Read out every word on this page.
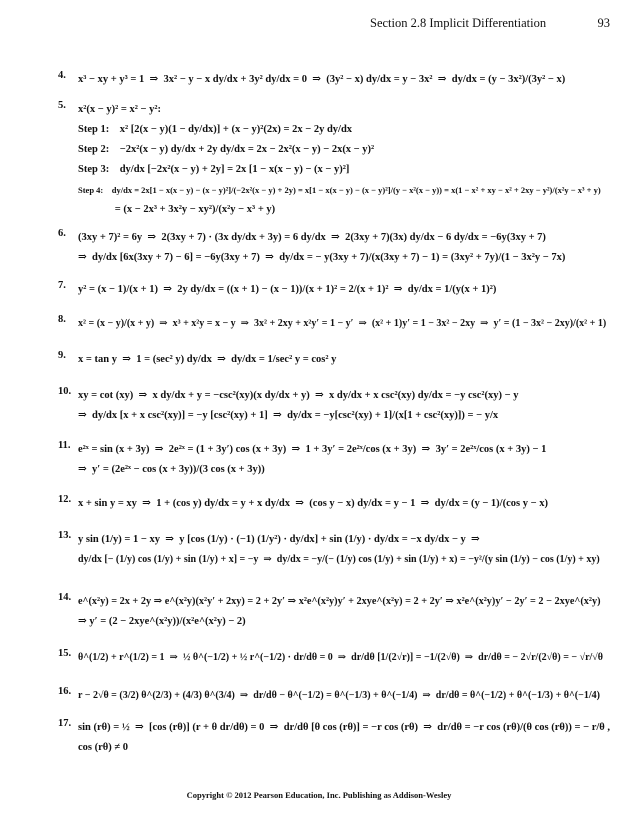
Section 2.8 Implicit Differentiation	93
4. x³ − xy + y³ = 1  ⇒  3x² − y − x dy/dx + 3y² dy/dx = 0  ⇒  (3y² − x) dy/dx = y − 3x²  ⇒  dy/dx = (y − 3x²)/(3y² − x)
5. x²(x − y)² = x² − y²:
Step 1:    x² [2(x − y)(1 − dy/dx)] + (x − y)²(2x) = 2x − 2y dy/dx
Step 2:    −2x²(x − y) dy/dx + 2y dy/dx = 2x − 2x²(x − y) − 2x(x − y)²
Step 3:    dy/dx [−2x²(x − y) + 2y] = 2x [1 − x(x − y) − (x − y)²]
Step 4:    dy/dx = 2x[1 − x(x − y) − (x − y)²]/(−2x²(x − y) + 2y) = x[1 − x(x − y) − (x − y)²]/(y − x²(x − y)) = x(1 − x² + xy − x² + 2xy − y²)/(x²y − x³ + y)
= (x − 2x³ + 3x²y − xy²)/(x²y − x³ + y)
6. (3xy + 7)² = 6y  ⇒  2(3xy + 7) · (3x dy/dx + 3y) = 6 dy/dx  ⇒  2(3xy + 7)(3x) dy/dx − 6 dy/dx = −6y(3xy + 7)
⇒  dy/dx [6x(3xy + 7) − 6] = −6y(3xy + 7)  ⇒  dy/dx = − y(3xy + 7)/(x(3xy + 7) − 1) = (3xy² + 7y)/(1 − 3x²y − 7x)
7. y² = (x − 1)/(x + 1)  ⇒  2y dy/dx = ((x + 1) − (x − 1))/(x + 1)² = 2/(x + 1)²  ⇒  dy/dx = 1/(y(x + 1)²)
8. x² = (x − y)/(x + y)  ⇒  x³ + x²y = x − y  ⇒  3x² + 2xy + x²y′ = 1 − y′  ⇒  (x² + 1)y′ = 1 − 3x² − 2xy  ⇒  y′ = (1 − 3x² − 2xy)/(x² + 1)
9. x = tan y  ⇒  1 = (sec² y) dy/dx  ⇒  dy/dx = 1/sec² y = cos² y
10. xy = cot (xy)  ⇒  x dy/dx + y = −csc²(xy)(x dy/dx + y)  ⇒  x dy/dx + x csc²(xy) dy/dx = −y csc²(xy) − y
⇒  dy/dx [x + x csc²(xy)] = −y [csc²(xy) + 1]  ⇒  dy/dx = −y[csc²(xy) + 1]/(x[1 + csc²(xy)]) = − y/x
11. e²ˣ = sin (x + 3y)  ⇒  2e²ˣ = (1 + 3y′) cos (x + 3y)  ⇒  1 + 3y′ = 2e²ˣ/cos (x + 3y)  ⇒  3y′ = 2e²ˣ/cos (x + 3y) − 1
⇒  y′ = (2e²ˣ − cos (x + 3y))/(3 cos (x + 3y))
12. x + sin y = xy  ⇒  1 + (cos y) dy/dx = y + x dy/dx  ⇒  (cos y − x) dy/dx = y − 1  ⇒  dy/dx = (y − 1)/(cos y − x)
13. y sin (1/y) = 1 − xy  ⇒  y [cos (1/y) · (−1) (1/y²) · dy/dx] + sin (1/y) · dy/dx = −x dy/dx − y  ⇒
dy/dx [− (1/y) cos (1/y) + sin (1/y) + x] = −y  ⇒  dy/dx = −y/(− (1/y) cos (1/y) + sin (1/y) + x) = −y²/(y sin (1/y) − cos (1/y) + xy)
14. e^(x²y) = 2x + 2y ⇒ e^(x²y)(x²y′ + 2xy) = 2 + 2y′ ⇒ x²e^(x²y)y′ + 2xye^(x²y) = 2 + 2y′ ⇒ x²e^(x²y)y′ − 2y′ = 2 − 2xye^(x²y)
⇒ y′ = (2 − 2xye^(x²y))/(x²e^(x²y) − 2)
15. θ^(1/2) + r^(1/2) = 1  ⇒  ½ θ^(−1/2) + ½ r^(−1/2) · dr/dθ = 0  ⇒  dr/dθ [1/(2√r)] = −1/(2√θ)  ⇒  dr/dθ = − 2√r/(2√θ) = − √r/√θ
16. r − 2√θ = (3/2) θ^(2/3) + (4/3) θ^(3/4)  ⇒  dr/dθ − θ^(−1/2) = θ^(−1/3) + θ^(−1/4)  ⇒  dr/dθ = θ^(−1/2) + θ^(−1/3) + θ^(−1/4)
17. sin (rθ) = ½  ⇒  [cos (rθ)] (r + θ dr/dθ) = 0  ⇒  dr/dθ [θ cos (rθ)] = −r cos (rθ)  ⇒  dr/dθ = −r cos (rθ)/(θ cos (rθ)) = − r/θ ,
cos (rθ) ≠ 0
Copyright © 2012 Pearson Education, Inc. Publishing as Addison-Wesley
